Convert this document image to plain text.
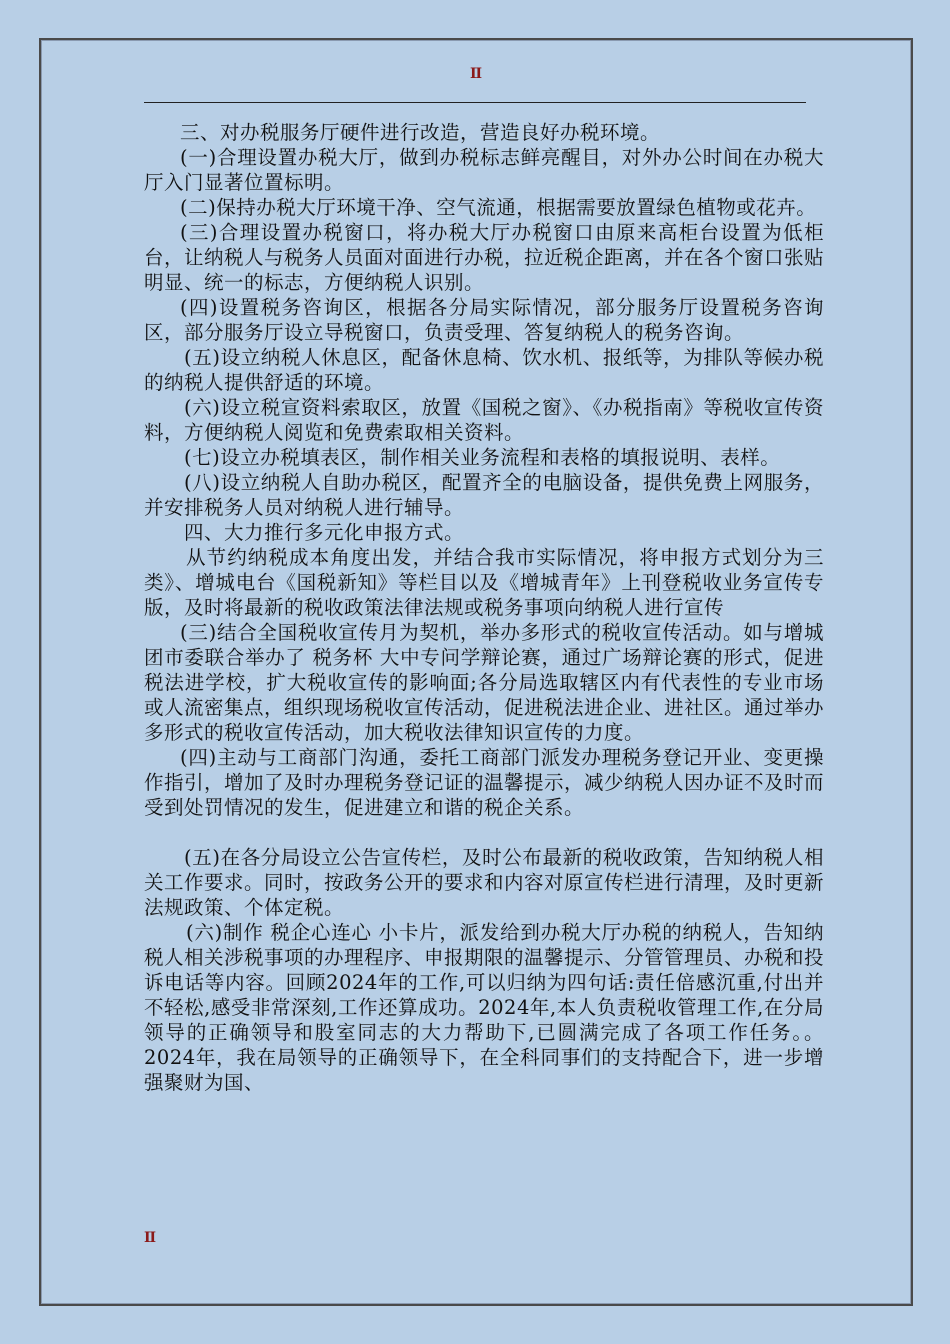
II

三、对办税服务厅硬件进行改造，营造良好办税环境。

(一)合理设置办税大厅，做到办税标志鲜亮醒目，对外办公时间在办税大厅入门显著位置标明。

(二)保持办税大厅环境干净、空气流通，根据需要放置绿色植物或花卉。

(三)合理设置办税窗口，将办税大厅办税窗口由原来高柜台设置为低柜台，让纳税人与税务人员面对面进行办税，拉近税企距离，并在各个窗口张贴明显、统一的标志，方便纳税人识别。

(四)设置税务咨询区，根据各分局实际情况，部分服务厅设置税务咨询区，部分服务厅设立导税窗口，负责受理、答复纳税人的税务咨询。

(五)设立纳税人休息区，配备休息椅、饮水机、报纸等，为排队等候办税的纳税人提供舒适的环境。

(六)设立税宣资料索取区，放置《国税之窗》、《办税指南》等税收宣传资料，方便纳税人阅览和免费索取相关资料。

(七)设立办税填表区，制作相关业务流程和表格的填报说明、表样。

(八)设立纳税人自助办税区，配置齐全的电脑设备，提供免费上网服务，并安排税务人员对纳税人进行辅导。

四、大力推行多元化申报方式。

从节约纳税成本角度出发，并结合我市实际情况，将申报方式划分为三类》、增城电台《国税新知》等栏目以及《增城青年》上刊登税收业务宣传专版，及时将最新的税收政策法律法规或税务事项向纳税人进行宣传

(三)结合全国税收宣传月为契机，举办多形式的税收宣传活动。如与增城团市委联合举办了 税务杯 大中专问学辩论赛，通过广场辩论赛的形式，促进税法进学校，扩大税收宣传的影响面;各分局选取辖区内有代表性的专业市场或人流密集点，组织现场税收宣传活动，促进税法进企业、进社区。通过举办多形式的税收宣传活动，加大税收法律知识宣传的力度。

(四)主动与工商部门沟通，委托工商部门派发办理税务登记开业、变更操作指引，增加了及时办理税务登记证的温馨提示，减少纳税人因办证不及时而受到处罚情况的发生，促进建立和谐的税企关系。

(五)在各分局设立公告宣传栏，及时公布最新的税收政策，告知纳税人相关工作要求。同时，按政务公开的要求和内容对原宣传栏进行清理，及时更新法规政策、个体定税。

(六)制作 税企心连心 小卡片，派发给到办税大厅办税的纳税人，告知纳税人相关涉税事项的办理程序、申报期限的温馨提示、分管管理员、办税和投诉电话等内容。回顾2024年的工作,可以归纳为四句话:责任倍感沉重,付出并不轻松,感受非常深刻,工作还算成功。2024年,本人负责税收管理工作,在分局领导的正确领导和股室同志的大力帮助下,已圆满完成了各项工作任务。。2024年，我在局领导的正确领导下，在全科同事们的支持配合下，进一步增强聚财为国、

II
